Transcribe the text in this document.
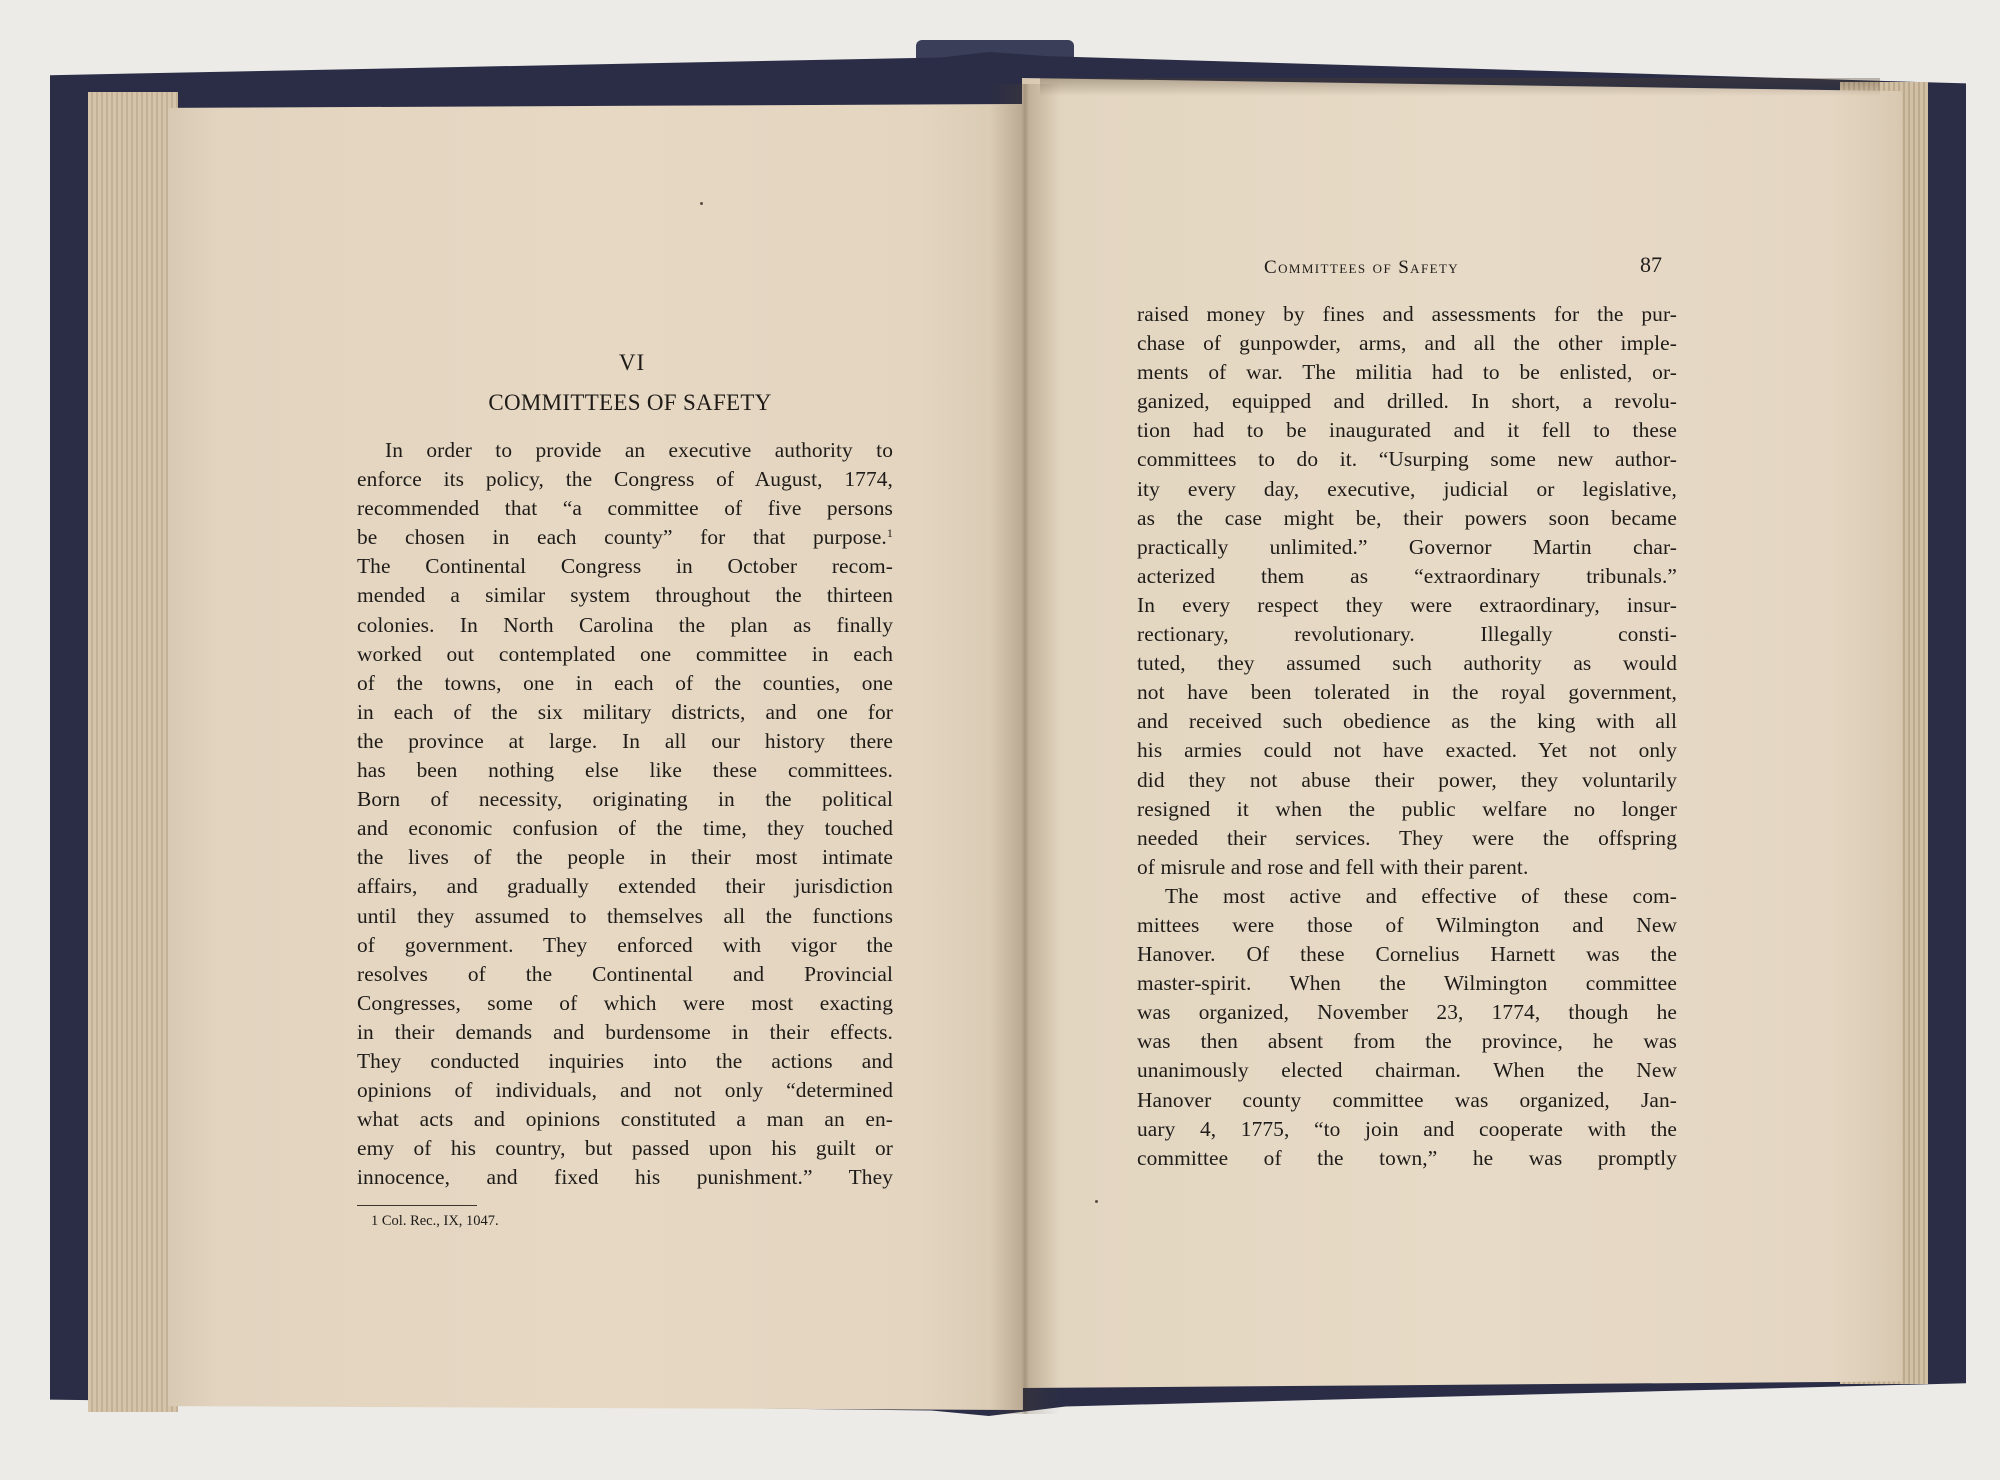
VI
COMMITTEES OF SAFETY
In order to provide an executive authority to
enforce its policy, the Congress of August, 1774,
recommended that “a committee of five persons
be chosen in each county” for that purpose.$^1$
The Continental Congress in October recom-
mended a similar system throughout the thirteen
colonies. In North Carolina the plan as finally
worked out contemplated one committee in each
of the towns, one in each of the counties, one
in each of the six military districts, and one for
the province at large. In all our history there
has been nothing else like these committees.
Born of necessity, originating in the political
and economic confusion of the time, they touched
the lives of the people in their most intimate
affairs, and gradually extended their jurisdiction
until they assumed to themselves all the functions
of government. They enforced with vigor the
resolves of the Continental and Provincial
Congresses, some of which were most exacting
in their demands and burdensome in their effects.
They conducted inquiries into the actions and
opinions of individuals, and not only “determined
what acts and opinions constituted a man an en-
emy of his country, but passed upon his guilt or
innocence, and fixed his punishment.” They
1 Col. Rec., IX, 1047.
Committees of Safety	87
raised money by fines and assessments for the pur-
chase of gunpowder, arms, and all the other imple-
ments of war. The militia had to be enlisted, or-
ganized, equipped and drilled. In short, a revolu-
tion had to be inaugurated and it fell to these
committees to do it. “Usurping some new author-
ity every day, executive, judicial or legislative,
as the case might be, their powers soon became
practically unlimited.” Governor Martin char-
acterized them as “extraordinary tribunals.”
In every respect they were extraordinary, insur-
rectionary, revolutionary. Illegally consti-
tuted, they assumed such authority as would
not have been tolerated in the royal government,
and received such obedience as the king with all
his armies could not have exacted. Yet not only
did they not abuse their power, they voluntarily
resigned it when the public welfare no longer
needed their services. They were the offspring
of misrule and rose and fell with their parent.
The most active and effective of these com-
mittees were those of Wilmington and New
Hanover. Of these Cornelius Harnett was the
master-spirit. When the Wilmington committee
was organized, November 23, 1774, though he
was then absent from the province, he was
unanimously elected chairman. When the New
Hanover county committee was organized, Jan-
uary 4, 1775, “to join and cooperate with the
committee of the town,” he was promptly
